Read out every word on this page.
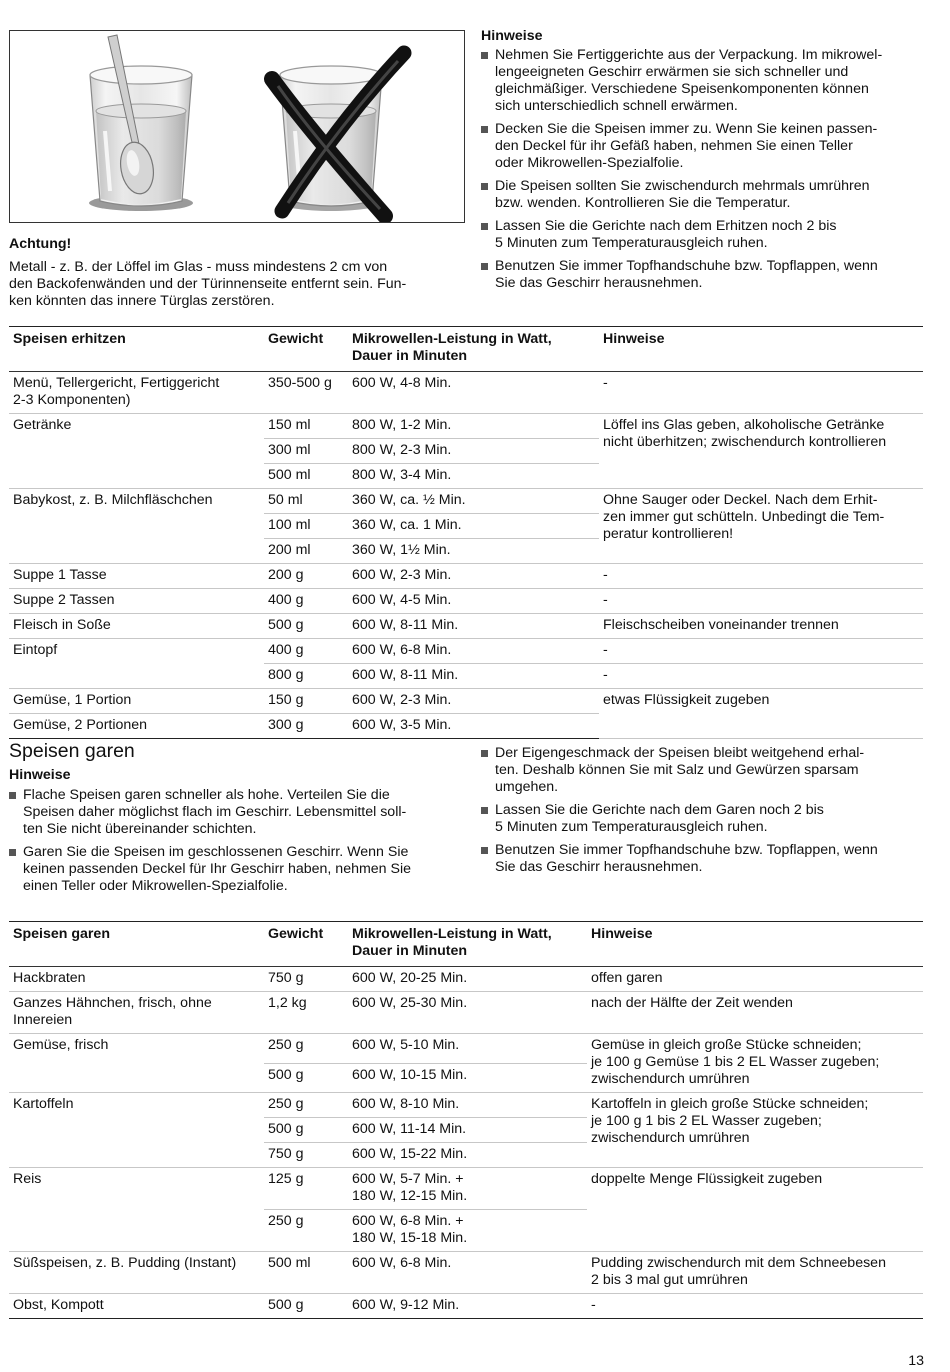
Achtung!
Metall - z. B. der Löffel im Glas - muss mindestens 2 cm von
den Backofenwänden und der Türinnenseite entfernt sein. Fun-
ken könnten das innere Türglas zerstören.
Hinweise
Nehmen Sie Fertiggerichte aus der Verpackung. Im mikrowel-
lengeeigneten Geschirr erwärmen sie sich schneller und
gleichmäßiger. Verschiedene Speisenkomponenten können
sich unterschiedlich schnell erwärmen.
Decken Sie die Speisen immer zu. Wenn Sie keinen passen-
den Deckel für ihr Gefäß haben, nehmen Sie einen Teller
oder Mikrowellen-Spezialfolie.
Die Speisen sollten Sie zwischendurch mehrmals umrühren
bzw. wenden. Kontrollieren Sie die Temperatur.
Lassen Sie die Gerichte nach dem Erhitzen noch 2 bis
5 Minuten zum Temperaturausgleich ruhen.
Benutzen Sie immer Topfhandschuhe bzw. Topflappen, wenn
Sie das Geschirr herausnehmen.
Speisen erhitzen	Gewicht	Mikrowellen-Leistung in Watt,
Dauer in Minuten	Hinweise
Menü, Tellergericht, Fertiggericht
2-3 Komponenten)	350-500 g	600 W, 4-8 Min.	-
Getränke	150 ml	800 W, 1-2 Min.	Löffel ins Glas geben, alkoholische Getränke
nicht überhitzen; zwischendurch kontrollieren
	300 ml	800 W, 2-3 Min.	
	500 ml	800 W, 3-4 Min.	
Babykost, z. B. Milchfläschchen	50 ml	360 W, ca. ½ Min.	Ohne Sauger oder Deckel. Nach dem Erhit-
zen immer gut schütteln. Unbedingt die Tem-
peratur kontrollieren!
	100 ml	360 W, ca. 1 Min.	
	200 ml	360 W, 1½ Min.	
Suppe 1 Tasse	200 g	600 W, 2-3 Min.	-
Suppe 2 Tassen	400 g	600 W, 4-5 Min.	-
Fleisch in Soße	500 g	600 W, 8-11 Min.	Fleischscheiben voneinander trennen
Eintopf	400 g	600 W, 6-8 Min.	-
	800 g	600 W, 8-11 Min.	-
Gemüse, 1 Portion	150 g	600 W, 2-3 Min.	etwas Flüssigkeit zugeben
Gemüse, 2 Portionen	300 g	600 W, 3-5 Min.	
Speisen garen
Hinweise
Flache Speisen garen schneller als hohe. Verteilen Sie die
Speisen daher möglichst flach im Geschirr. Lebensmittel soll-
ten Sie nicht übereinander schichten.
Garen Sie die Speisen im geschlossenen Geschirr. Wenn Sie
keinen passenden Deckel für Ihr Geschirr haben, nehmen Sie
einen Teller oder Mikrowellen-Spezialfolie.
Der Eigengeschmack der Speisen bleibt weitgehend erhal-
ten. Deshalb können Sie mit Salz und Gewürzen sparsam
umgehen.
Lassen Sie die Gerichte nach dem Garen noch 2 bis
5 Minuten zum Temperaturausgleich ruhen.
Benutzen Sie immer Topfhandschuhe bzw. Topflappen, wenn
Sie das Geschirr herausnehmen.
Speisen garen	Gewicht	Mikrowellen-Leistung in Watt,
Dauer in Minuten	Hinweise
Hackbraten	750 g	600 W, 20-25 Min.	offen garen
Ganzes Hähnchen, frisch, ohne
Innereien	1,2 kg	600 W, 25-30 Min.	nach der Hälfte der Zeit wenden
Gemüse, frisch	250 g	600 W, 5-10 Min.	Gemüse in gleich große Stücke schneiden;
je 100 g Gemüse 1 bis 2 EL Wasser zugeben;
zwischendurch umrühren
	500 g	600 W, 10-15 Min.	
Kartoffeln	250 g	600 W, 8-10 Min.	Kartoffeln in gleich große Stücke schneiden;
je 100 g 1 bis 2 EL Wasser zugeben;
zwischendurch umrühren
	500 g	600 W, 11-14 Min.	
	750 g	600 W, 15-22 Min.	
Reis	125 g	600 W, 5-7 Min. +
180 W, 12-15 Min.	doppelte Menge Flüssigkeit zugeben
	250 g	600 W, 6-8 Min. +
180 W, 15-18 Min.	
Süßspeisen, z. B. Pudding (Instant)	500 ml	600 W, 6-8 Min.	Pudding zwischendurch mit dem Schneebesen
2 bis 3 mal gut umrühren
Obst, Kompott	500 g	600 W, 9-12 Min.	-
13
